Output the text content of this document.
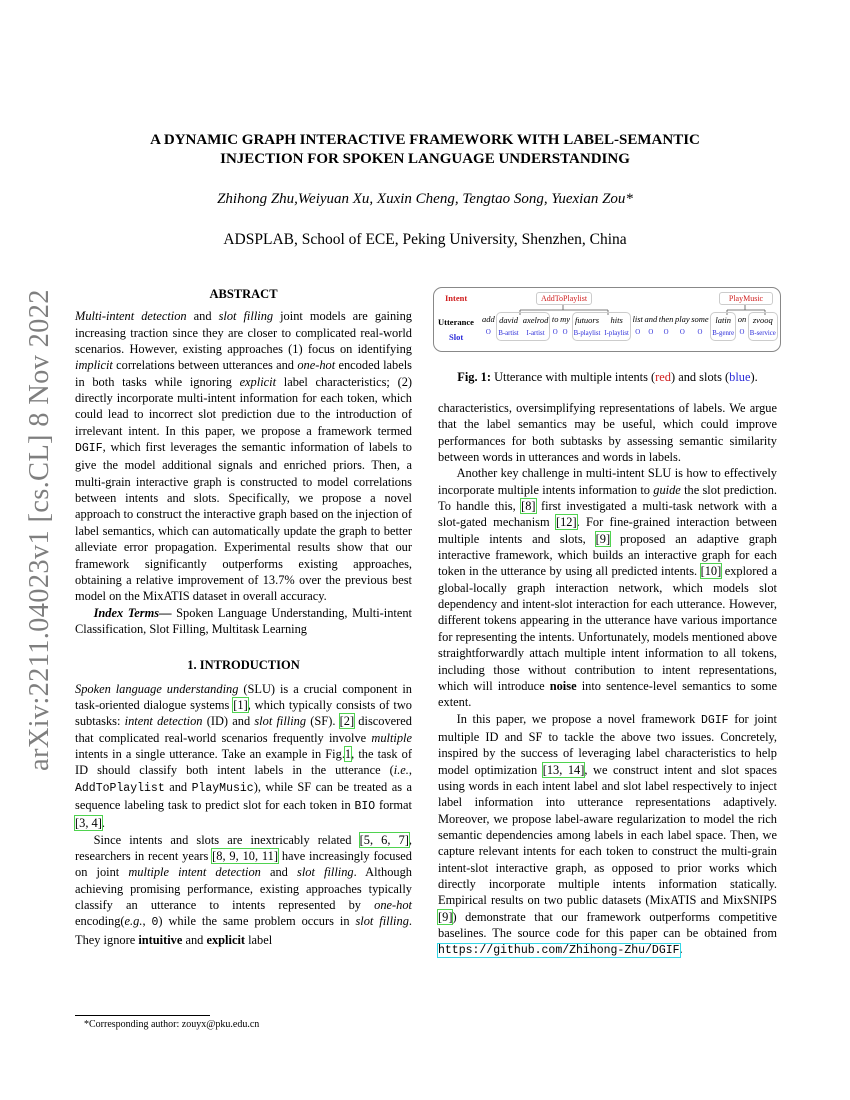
arXiv:2211.04023v1 [cs.CL] 8 Nov 2022
A DYNAMIC GRAPH INTERACTIVE FRAMEWORK WITH LABEL-SEMANTIC
INJECTION FOR SPOKEN LANGUAGE UNDERSTANDING
Zhihong Zhu,Weiyuan Xu, Xuxin Cheng, Tengtao Song, Yuexian Zou*
ADSPLAB, School of ECE, Peking University, Shenzhen, China
ABSTRACT

Multi-intent detection and slot filling joint models are gaining increasing traction since they are closer to complicated real-world scenarios. However, existing approaches (1) focus on identifying implicit correlations between utterances and one-hot encoded labels in both tasks while ignoring explicit label characteristics; (2) directly incorporate multi-intent information for each token, which could lead to incorrect slot prediction due to the introduction of irrelevant intent. In this paper, we propose a framework termed DGIF, which first leverages the semantic information of labels to give the model additional signals and enriched priors. Then, a multi-grain interactive graph is constructed to model correlations between intents and slots. Specifically, we propose a novel approach to construct the interactive graph based on the injection of label semantics, which can automatically update the graph to better alleviate error propagation. Experimental results show that our framework significantly outperforms existing approaches, obtaining a relative improvement of 13.7% over the previous best model on the MixATIS dataset in overall accuracy.

Index Terms— Spoken Language Understanding, Multi-intent Classification, Slot Filling, Multitask Learning

1. INTRODUCTION

Spoken language understanding (SLU) is a crucial component in task-oriented dialogue systems [1], which typically consists of two subtasks: intent detection (ID) and slot filling (SF). [2] discovered that complicated real-world scenarios frequently involve multiple intents in a single utterance. Take an example in Fig.1, the task of ID should classify both intent labels in the utterance (i.e., AddToPlaylist and PlayMusic), while SF can be treated as a sequence labeling task to predict slot for each token in BIO format [3, 4].

Since intents and slots are inextricably related [5, 6, 7], researchers in recent years [8, 9, 10, 11] have increasingly focused on joint multiple intent detection and slot filling. Although achieving promising performance, existing approaches typically classify an utterance to intents represented by one-hot encoding(e.g., 0) while the same problem occurs in slot filling. They ignore intuitive and explicit label

Intent
Utterance
Slot
AddToPlaylist	PlayMusic
add
O
david
B-artist
axelrod
I-artist
to
O
my
O
futuors
B-playlist
hits
I-playlist
list
O
and
O
then
O
play
O
some
O
latin
B-genre
on
O
zvooq
B-service
Fig. 1: Utterance with multiple intents (red) and slots (blue).

characteristics, oversimplifying representations of labels. We argue that the label semantics may be useful, which could improve performances for both subtasks by assessing semantic similarity between words in utterances and words in labels.

Another key challenge in multi-intent SLU is how to effectively incorporate multiple intents information to guide the slot prediction. To handle this, [8] first investigated a multi-task network with a slot-gated mechanism [12]. For fine-grained interaction between multiple intents and slots, [9] proposed an adaptive graph interactive framework, which builds an interactive graph for each token in the utterance by using all predicted intents. [10] explored a global-locally graph interaction network, which models slot dependency and intent-slot interaction for each utterance. However, different tokens appearing in the utterance have various importance for representing the intents. Unfortunately, models mentioned above straightforwardly attach multiple intent information to all tokens, including those without contribution to intent representations, which will introduce noise into sentence-level semantics to some extent.

In this paper, we propose a novel framework DGIF for joint multiple ID and SF to tackle the above two issues. Concretely, inspired by the success of leveraging label characteristics to help model optimization [13, 14], we construct intent and slot spaces using words in each intent label and slot label respectively to inject label information into utterance representations adaptively. Moreover, we propose label-aware regularization to model the rich semantic dependencies among labels in each label space. Then, we capture relevant intents for each token to construct the multi-grain intent-slot interactive graph, as opposed to prior works which directly incorporate multiple intents information statically. Empirical results on two public datasets (MixATIS and MixSNIPS [9]) demonstrate that our framework outperforms competitive baselines. The source code for this paper can be obtained from https://github.com/Zhihong-Zhu/DGIF.

*Corresponding author: zouyx@pku.edu.cn
